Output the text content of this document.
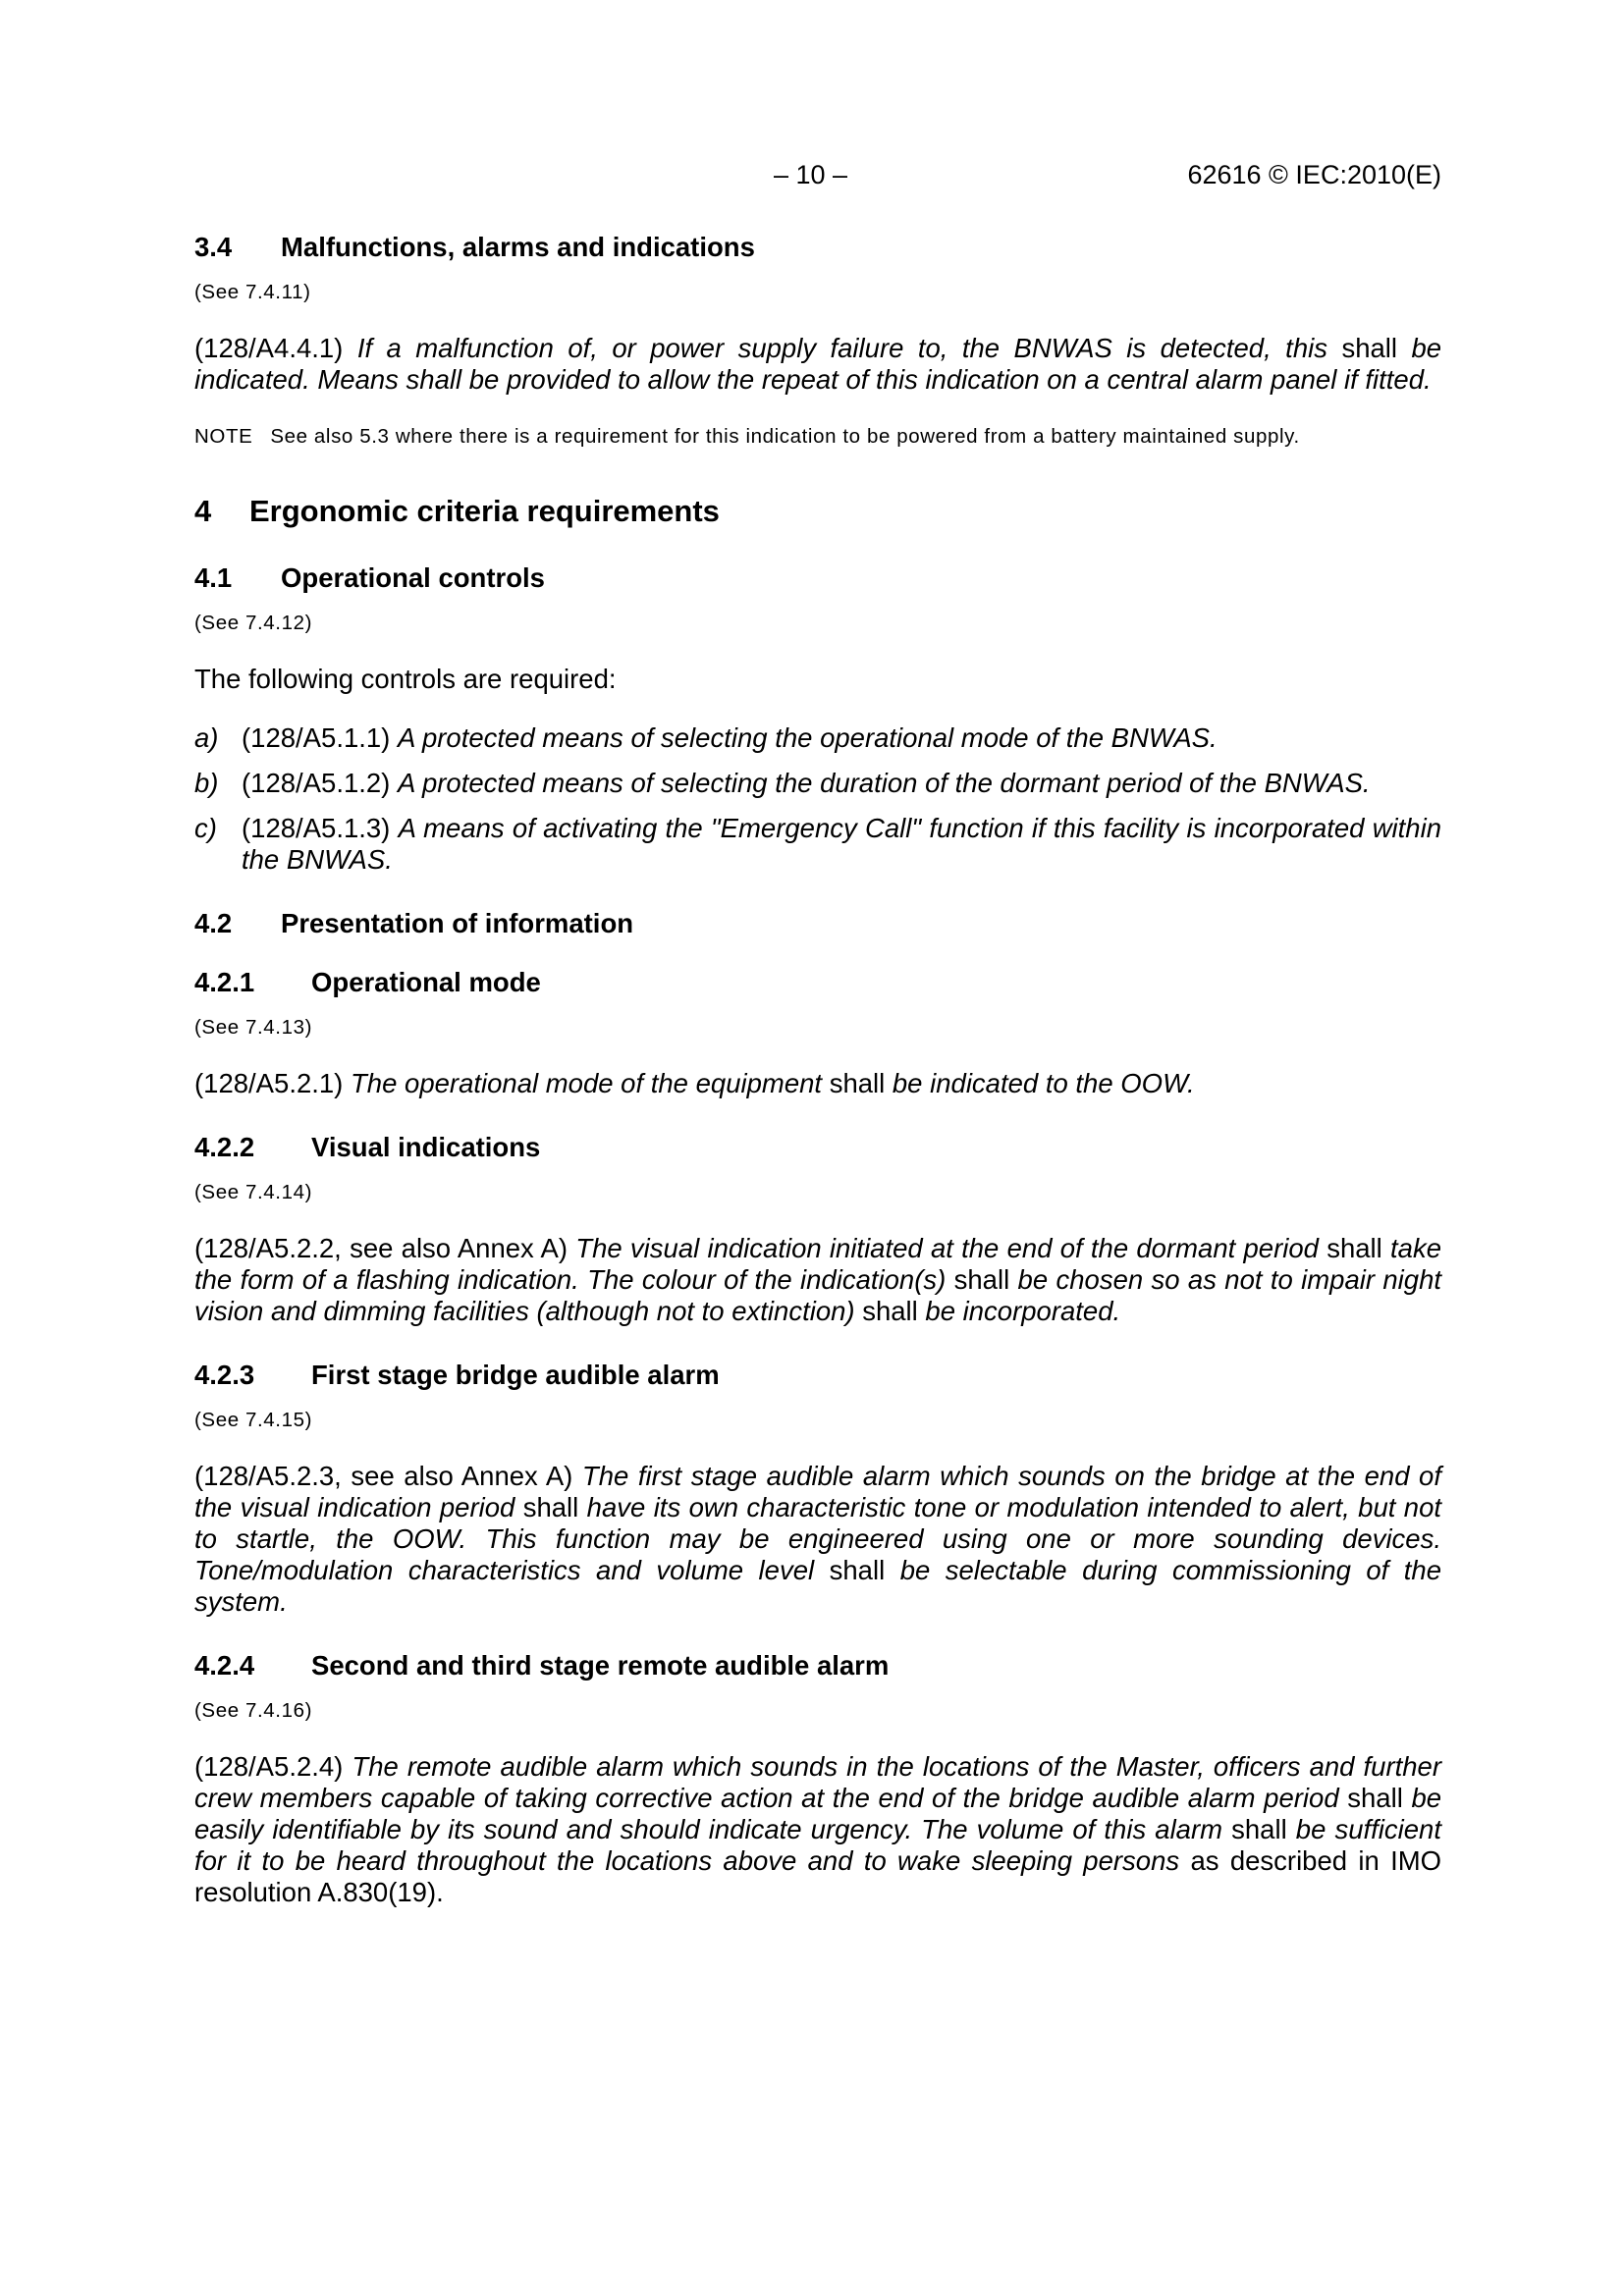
– 10 –	62616 © IEC:2010(E)
3.4 Malfunctions, alarms and indications

(See 7.4.11)

(128/A4.4.1) If a malfunction of, or power supply failure to, the BNWAS is detected, this shall be indicated. Means shall be provided to allow the repeat of this indication on a central alarm panel if fitted.

NOTE See also 5.3 where there is a requirement for this indication to be powered from a battery maintained supply.

4 Ergonomic criteria requirements
4.1 Operational controls

(See 7.4.12)

The following controls are required:

a) (128/A5.1.1) A protected means of selecting the operational mode of the BNWAS.

b) (128/A5.1.2) A protected means of selecting the duration of the dormant period of the BNWAS.

c) (128/A5.1.3) A means of activating the "Emergency Call" function if this facility is incorporated within the BNWAS.

4.2 Presentation of information
4.2.1 Operational mode

(See 7.4.13)

(128/A5.2.1) The operational mode of the equipment shall be indicated to the OOW.

4.2.2 Visual indications

(See 7.4.14)

(128/A5.2.2, see also Annex A) The visual indication initiated at the end of the dormant period shall take the form of a flashing indication. The colour of the indication(s) shall be chosen so as not to impair night vision and dimming facilities (although not to extinction) shall be incorporated.

4.2.3 First stage bridge audible alarm

(See 7.4.15)

(128/A5.2.3, see also Annex A) The first stage audible alarm which sounds on the bridge at the end of the visual indication period shall have its own characteristic tone or modulation intended to alert, but not to startle, the OOW. This function may be engineered using one or more sounding devices. Tone/modulation characteristics and volume level shall be selectable during commissioning of the system.

4.2.4 Second and third stage remote audible alarm

(See 7.4.16)

(128/A5.2.4) The remote audible alarm which sounds in the locations of the Master, officers and further crew members capable of taking corrective action at the end of the bridge audible alarm period shall be easily identifiable by its sound and should indicate urgency. The volume of this alarm shall be sufficient for it to be heard throughout the locations above and to wake sleeping persons as described in IMO resolution A.830(19).
